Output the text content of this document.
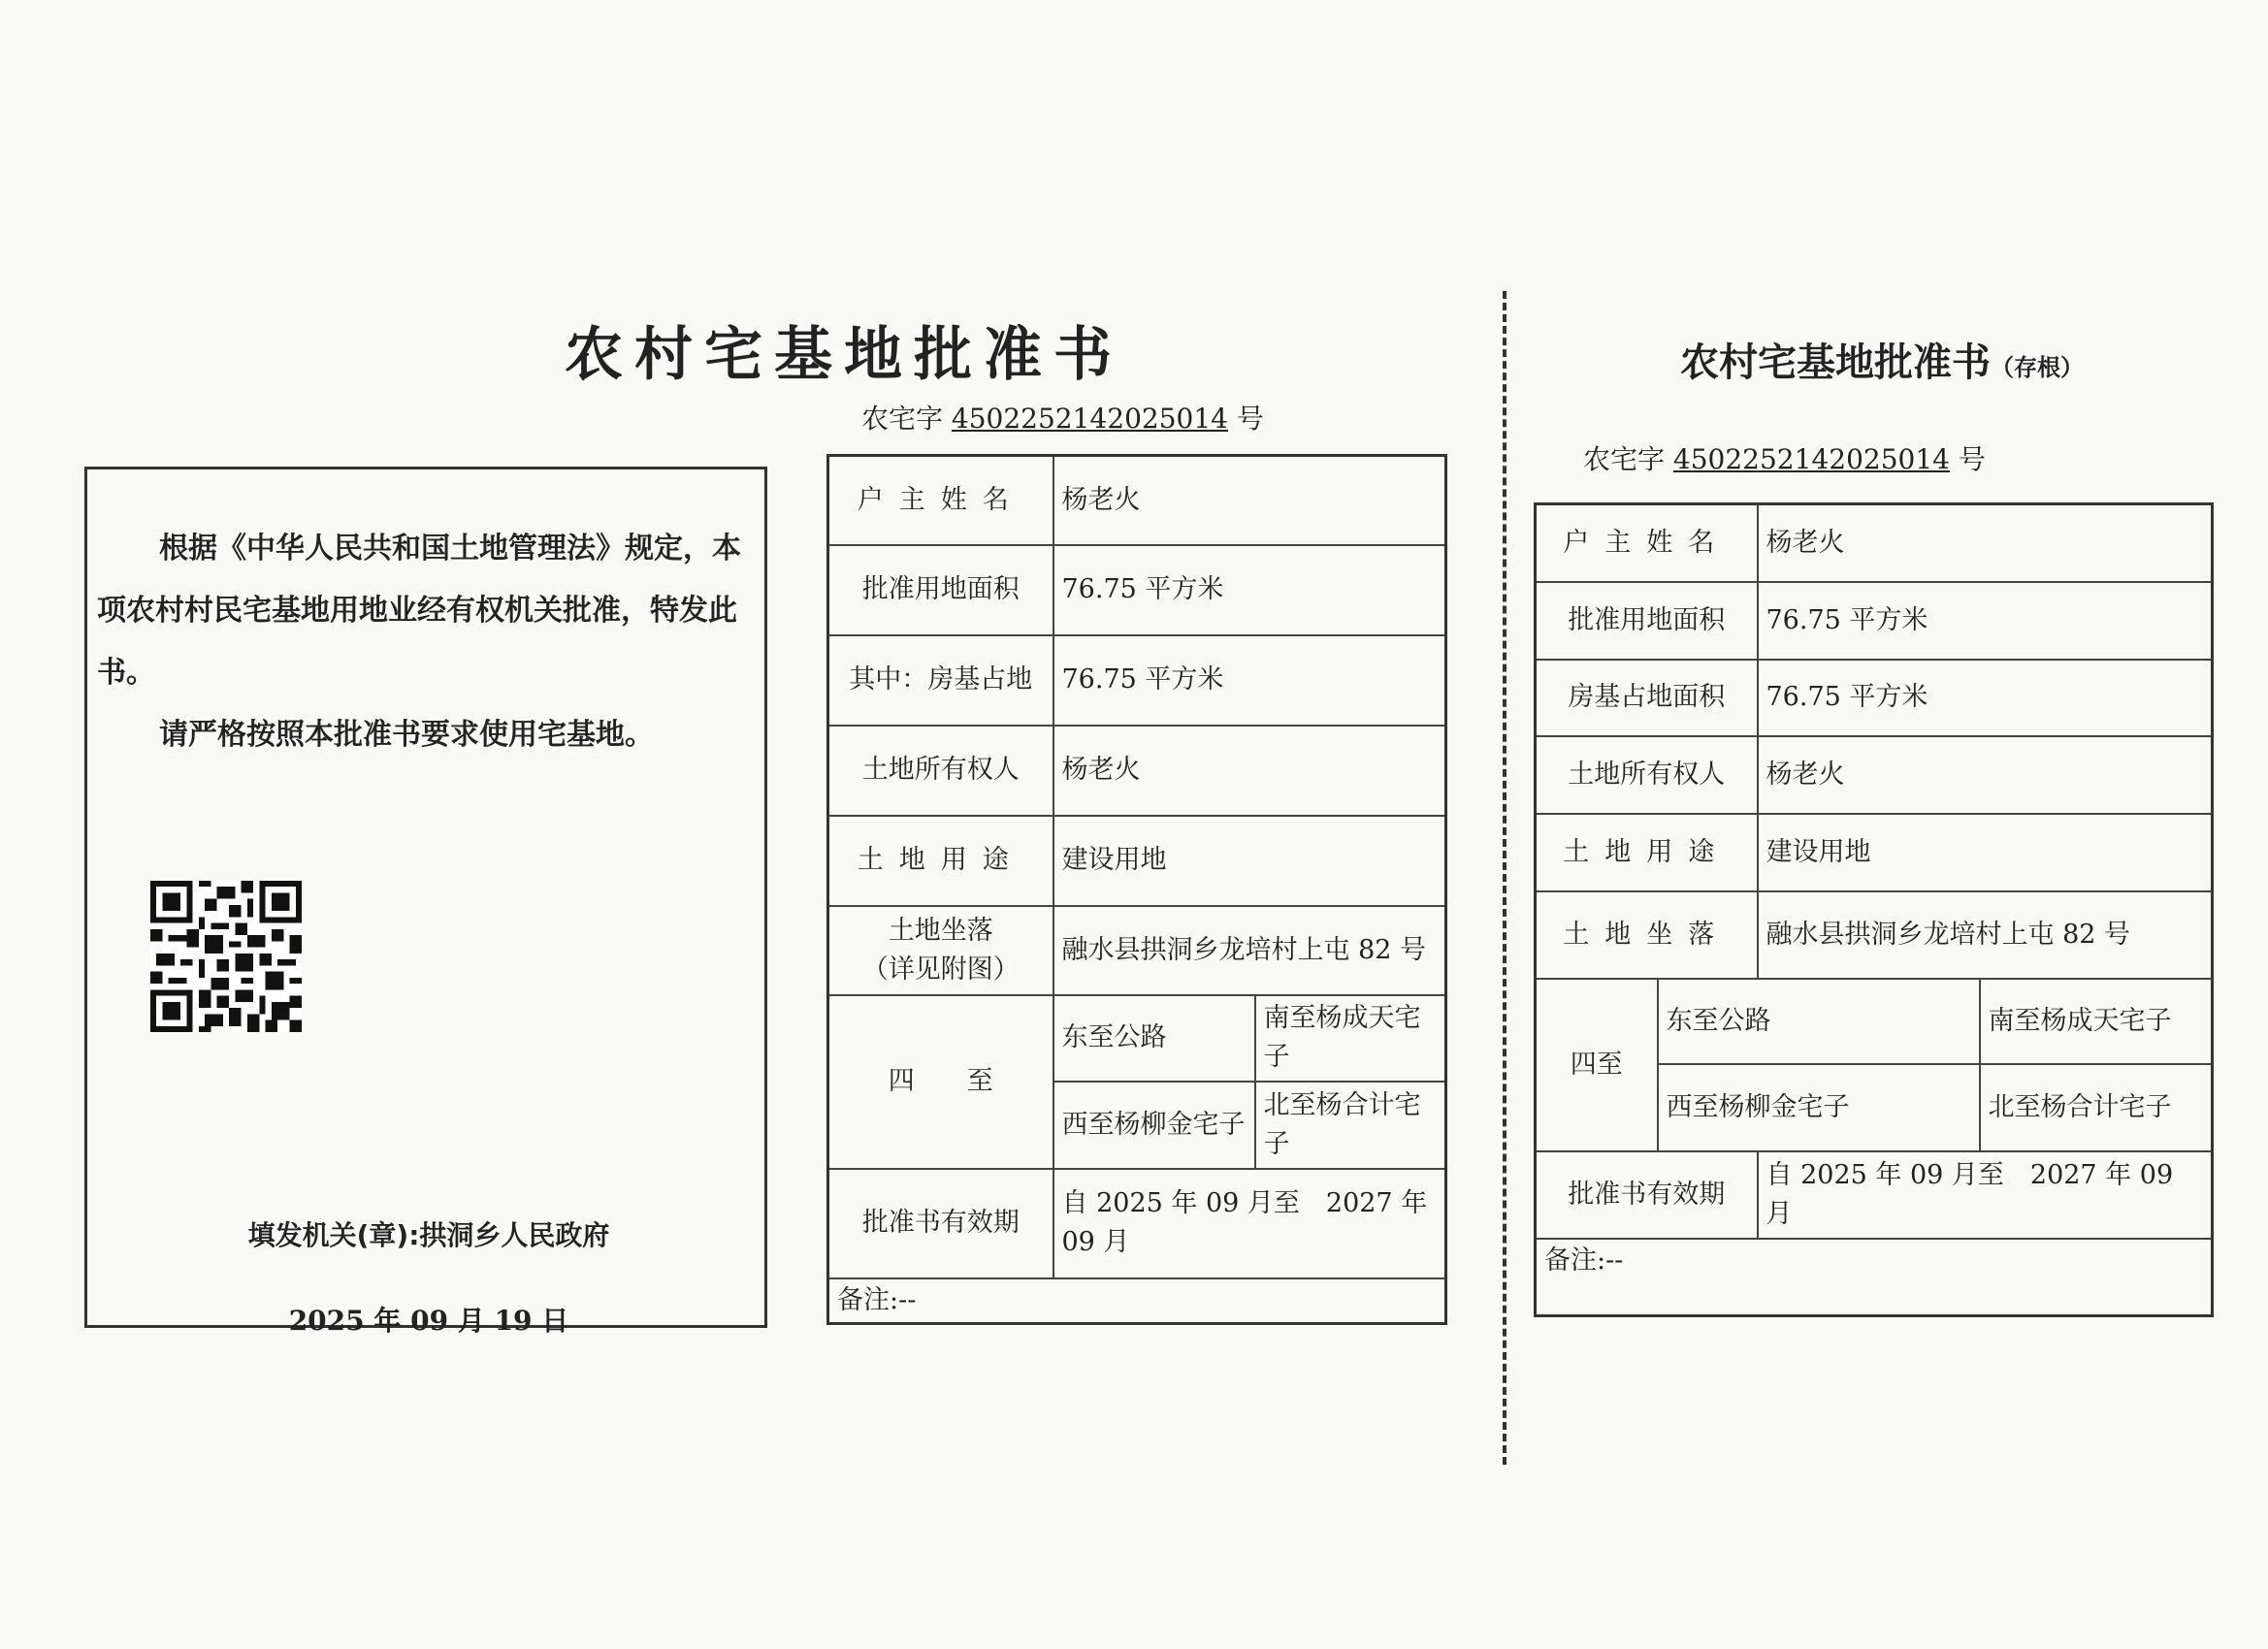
农村宅基地批准书
农宅字 4502252142025014 号

根据《中华人民共和国土地管理法》规定，本项农村村民宅基地用地业经有权机关批准，特发此书。

请严格按照本批准书要求使用宅基地。

填发机关(章):拱洞乡人民政府
2025 年 09 月 19 日
户主姓名	杨老火	
批准用地面积	76.75 平方米	
其中：房基占地	76.75 平方米	
土地所有权人	杨老火	
土地用途	建设用地	

土地坐落
（详见附图）	融水县拱洞乡龙培村上屯 82 号	
四　　至	东至公路	南至杨成天宅子
	西至杨柳金宅子	北至杨合计宅子
批准书有效期	自 2025 年 09 月至　2027 年 09 月	
备注:--		
农村宅基地批准书（存根）
农宅字 4502252142025014 号
户主姓名		杨老火	
批准用地面积		76.75 平方米	
房基占地面积		76.75 平方米	
土地所有权人		杨老火	
土地用途		建设用地	
土地坐落		融水县拱洞乡龙培村上屯 82 号	
四至	东至公路		南至杨成天宅子
	西至杨柳金宅子		北至杨合计宅子
批准书有效期		自 2025 年 09 月至　2027 年 09 月	
备注:--			
